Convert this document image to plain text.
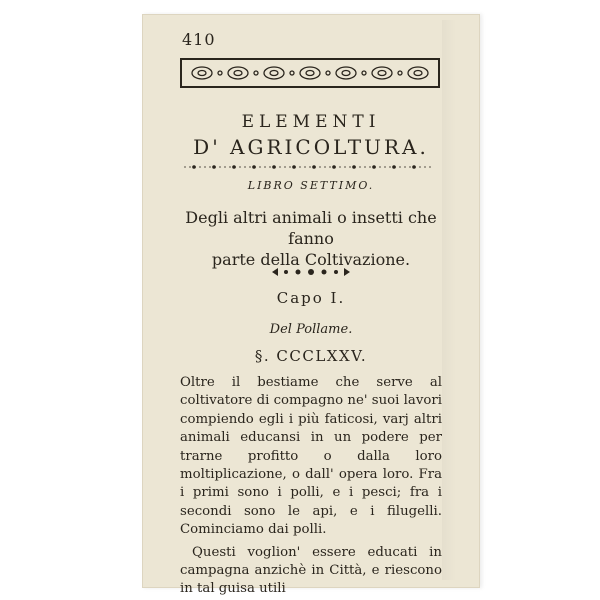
410
ELEMENTI
D' AGRICOLTURA.
LIBRO SETTIMO.
Degli altri animali o insetti che fanno
parte della Coltivazione.
Capo I.
Del Pollame.
§. CCCLXXV.

Oltre il bestiame che serve al coltivatore di compagno ne' suoi lavori compiendo egli i più faticosi, varj altri animali educansi in un podere per trarne profitto o dalla loro moltiplicazione, o dall' opera loro. Fra i primi sono i polli, e i pesci; fra i secondi sono le api, e i filugelli. Cominciamo dai polli.

Questi voglion' essere educati in campagna anzichè in Città, e riescono in tal guisa utili
